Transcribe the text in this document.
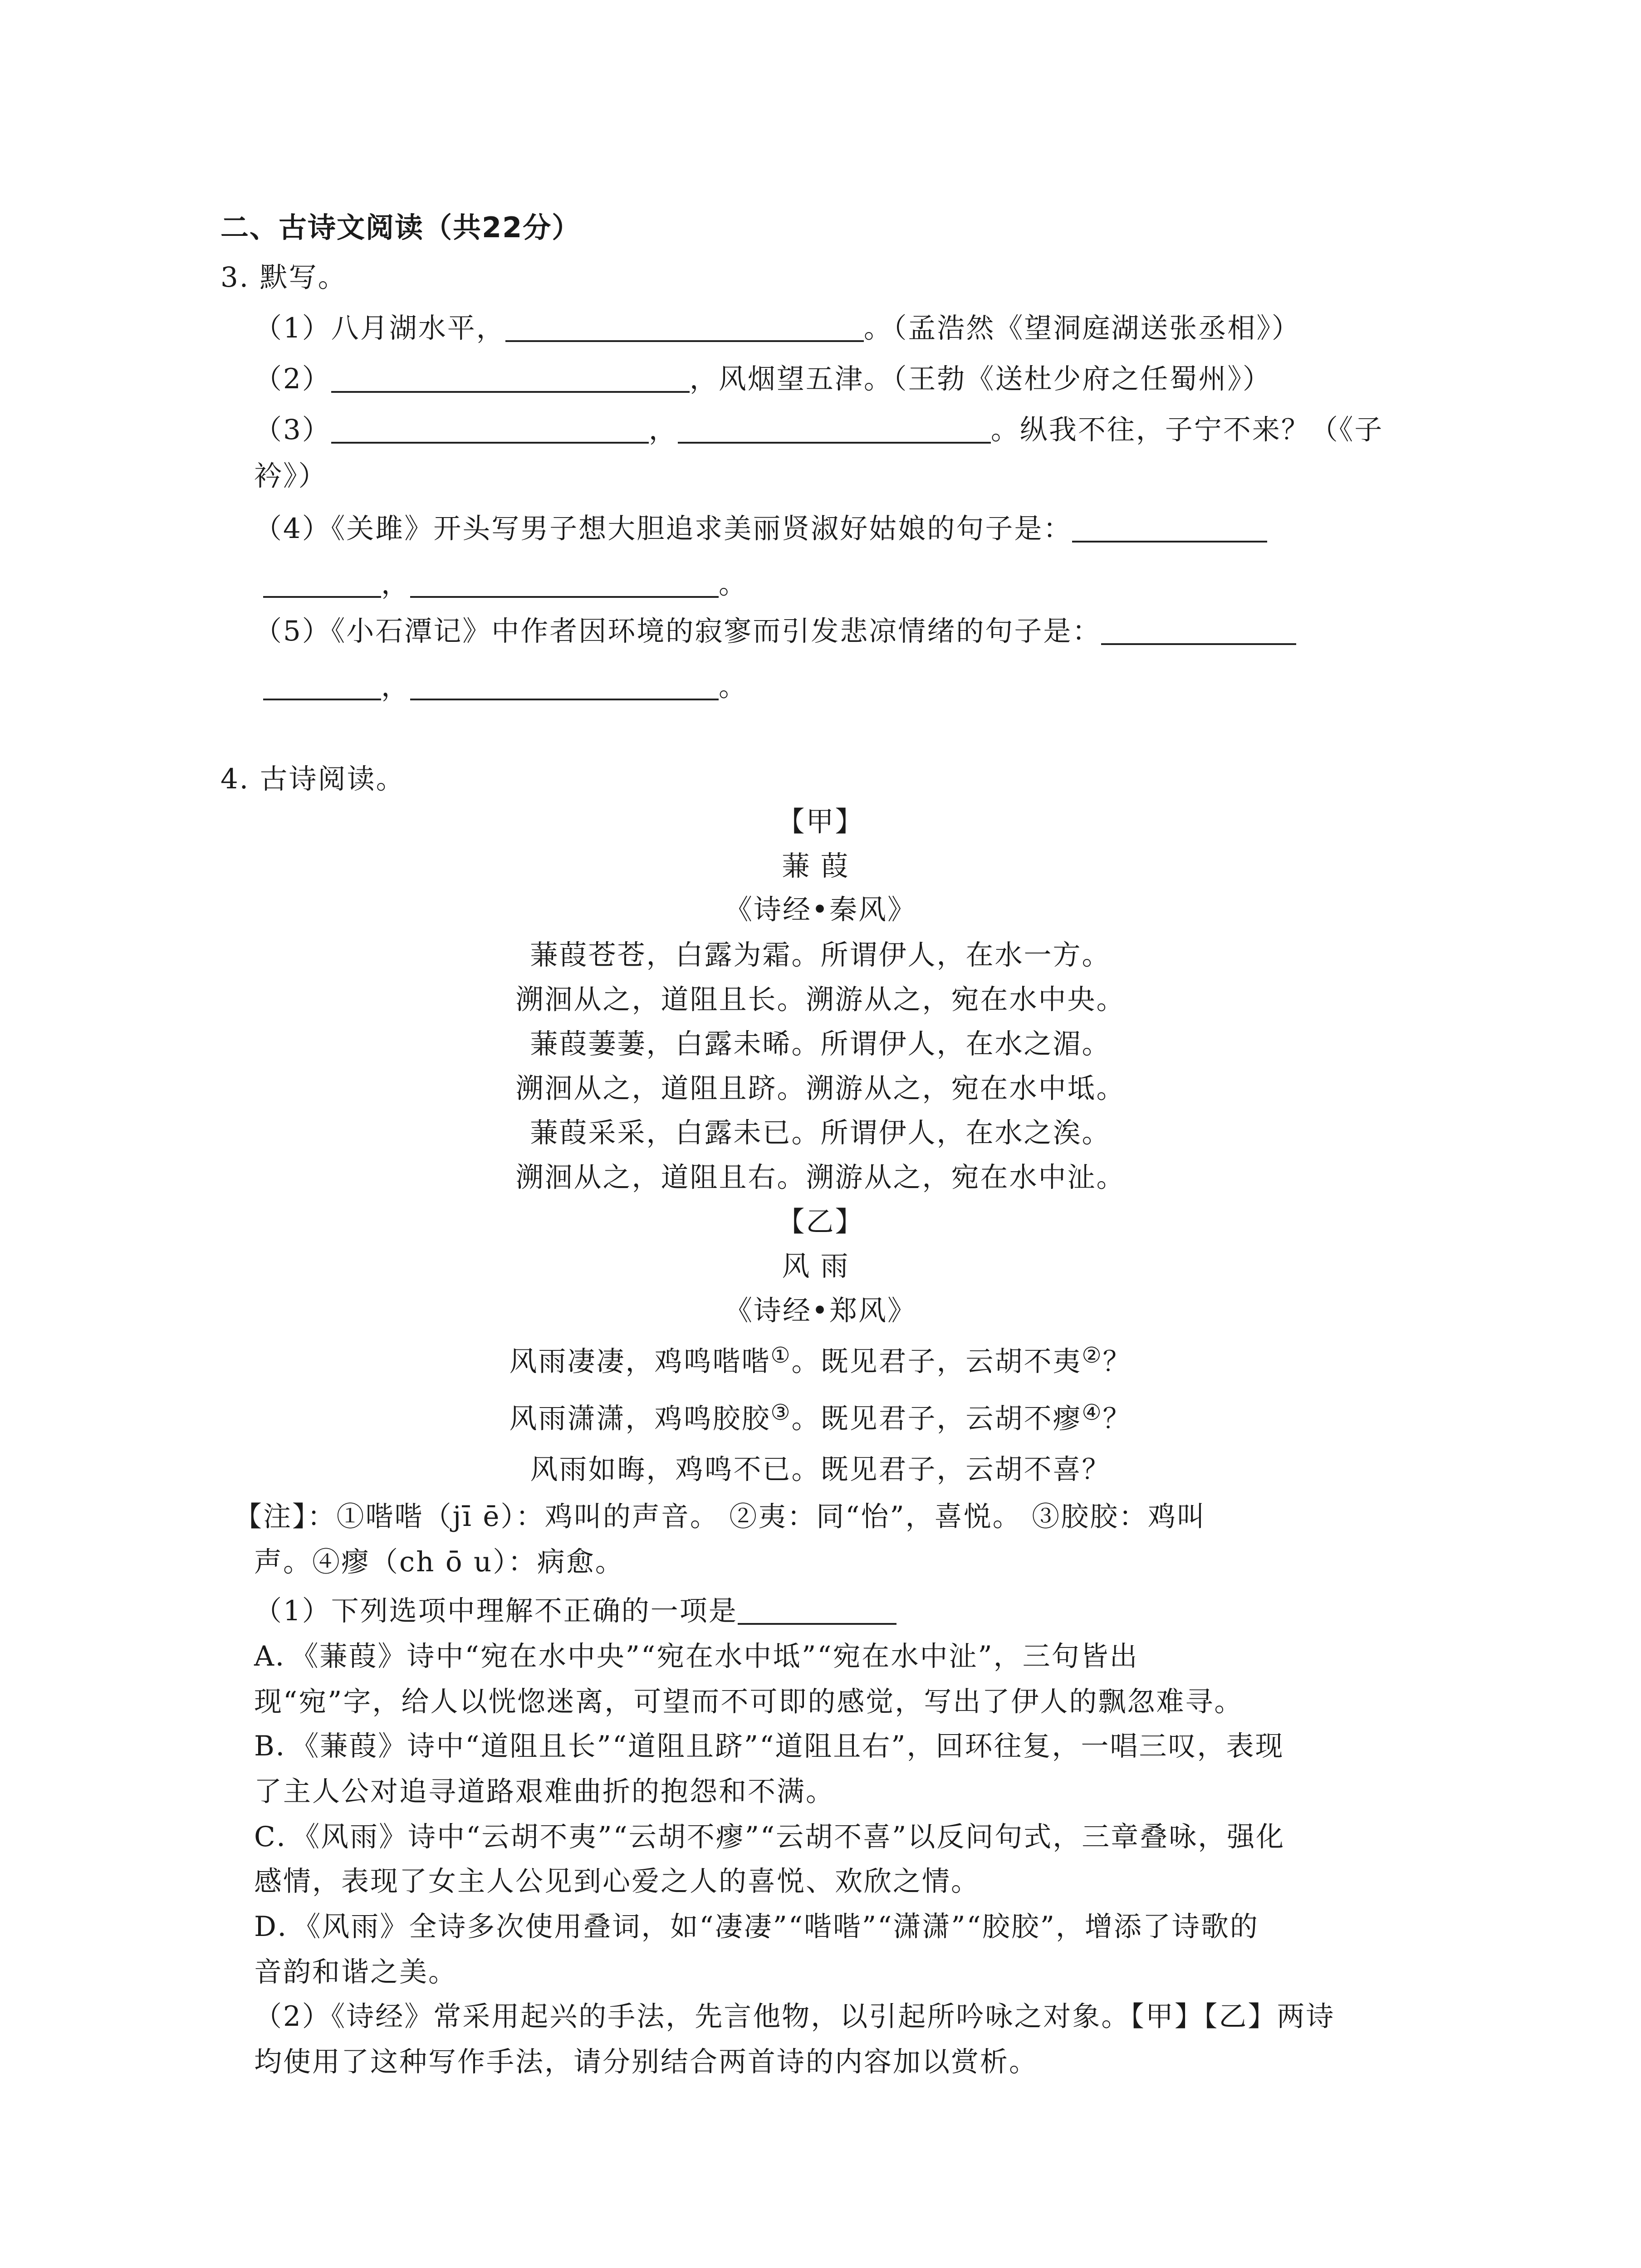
二、古诗文阅读（共22分）
3. 默写。
（1）八月湖水平，	。（孟浩然《望洞庭湖送张丞相》）
（2）	，风烟望五津。（王勃《送杜少府之任蜀州》）
（3）	，	。纵我不往，子宁不来？（《子
衿》）
（4）《关雎》开头写男子想大胆追求美丽贤淑好姑娘的句子是：
，	。
（5）《小石潭记》中作者因环境的寂寥而引发悲凉情绪的句子是：
，	。
4. 古诗阅读。
【甲】
蒹葭
《诗经•秦风》
蒹葭苍苍，白露为霜。所谓伊人，在水一方。
溯洄从之，道阻且长。溯游从之，宛在水中央。
蒹葭萋萋，白露未晞。所谓伊人，在水之湄。
溯洄从之，道阻且跻。溯游从之，宛在水中坻。
蒹葭采采，白露未已。所谓伊人，在水之涘。
溯洄从之，道阻且右。溯游从之，宛在水中沚。
【乙】
风雨
《诗经•郑风》
风雨凄凄，鸡鸣喈喈①。既见君子，云胡不夷②？
风雨潇潇，鸡鸣胶胶③。既见君子，云胡不瘳④？
风雨如晦，鸡鸣不已。既见君子，云胡不喜？
【注】：①喈喈（jī ē）：鸡叫的声音。 ②夷：同“怡”，喜悦。 ③胶胶：鸡叫
声。④瘳（ch ō u）：病愈。
（1）下列选项中理解不正确的一项是
A．《蒹葭》诗中“宛在水中央”“宛在水中坻”“宛在水中沚”，三句皆出
现“宛”字，给人以恍惚迷离，可望而不可即的感觉，写出了伊人的飘忽难寻。
B．《蒹葭》诗中“道阻且长”“道阻且跻”“道阻且右”，回环往复，一唱三叹，表现
了主人公对追寻道路艰难曲折的抱怨和不满。
C．《风雨》诗中“云胡不夷”“云胡不瘳”“云胡不喜”以反问句式，三章叠咏，强化
感情，表现了女主人公见到心爱之人的喜悦、欢欣之情。
D．《风雨》全诗多次使用叠词，如“凄凄”“喈喈”“潇潇”“胶胶”，增添了诗歌的
音韵和谐之美。
（2）《诗经》常采用起兴的手法，先言他物，以引起所吟咏之对象。【甲】【乙】两诗
均使用了这种写作手法，请分别结合两首诗的内容加以赏析。
